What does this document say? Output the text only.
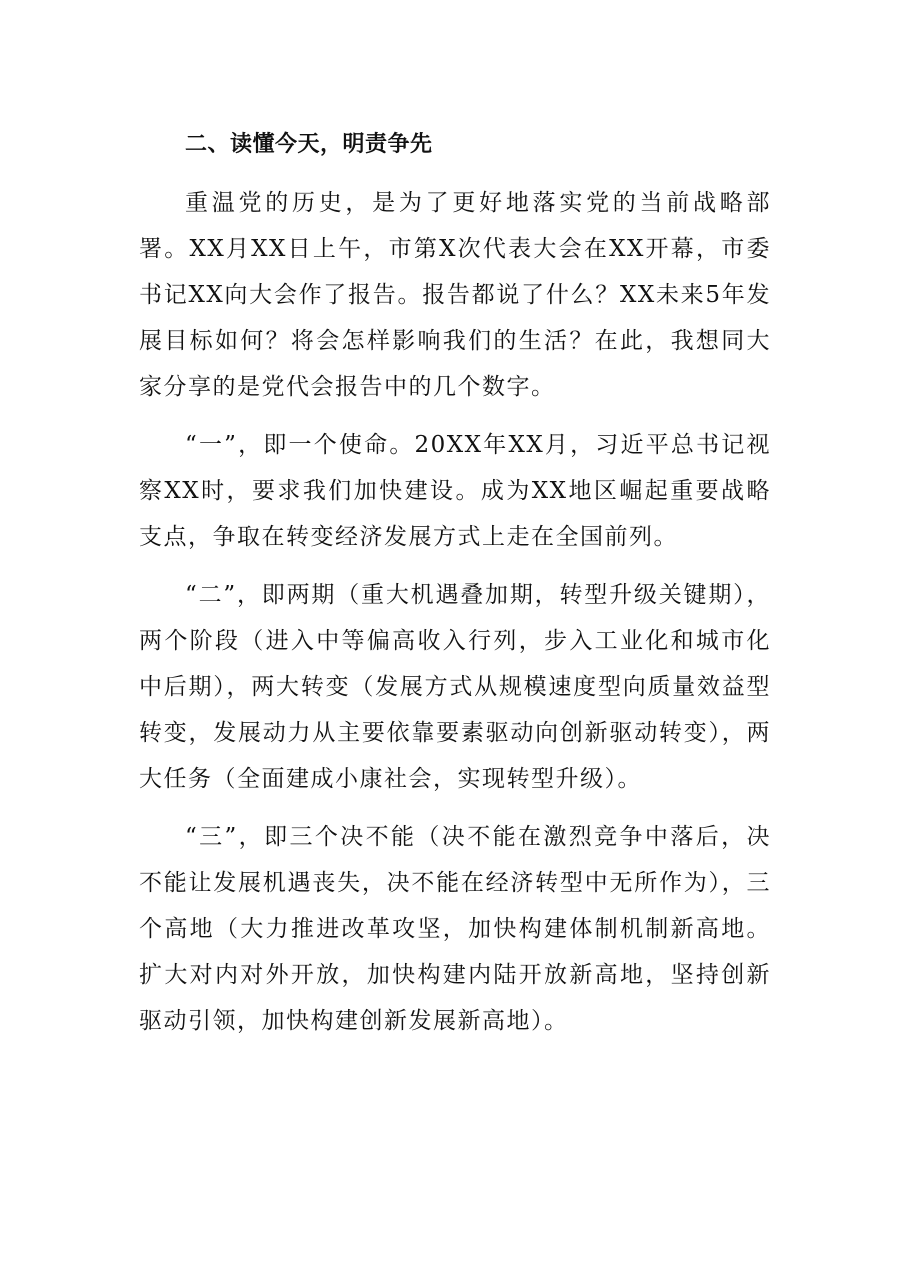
二、读懂今天，明责争先

重温党的历史，是为了更好地落实党的当前战略部署。XX月XX日上午，市第X次代表大会在XX开幕，市委书记XX向大会作了报告。报告都说了什么？XX未来5年发展目标如何？将会怎样影响我们的生活？在此，我想同大家分享的是党代会报告中的几个数字。

“一”，即一个使命。20XX年XX月，习近平总书记视察XX时，要求我们加快建设。成为XX地区崛起重要战略支点，争取在转变经济发展方式上走在全国前列。

“二”，即两期（重大机遇叠加期，转型升级关键期），两个阶段（进入中等偏高收入行列，步入工业化和城市化中后期），两大转变（发展方式从规模速度型向质量效益型转变，发展动力从主要依靠要素驱动向创新驱动转变），两大任务（全面建成小康社会，实现转型升级）。

“三”，即三个决不能（决不能在激烈竞争中落后，决不能让发展机遇丧失，决不能在经济转型中无所作为），三个高地（大力推进改革攻坚，加快构建体制机制新高地。扩大对内对外开放，加快构建内陆开放新高地，坚持创新驱动引领，加快构建创新发展新高地）。
